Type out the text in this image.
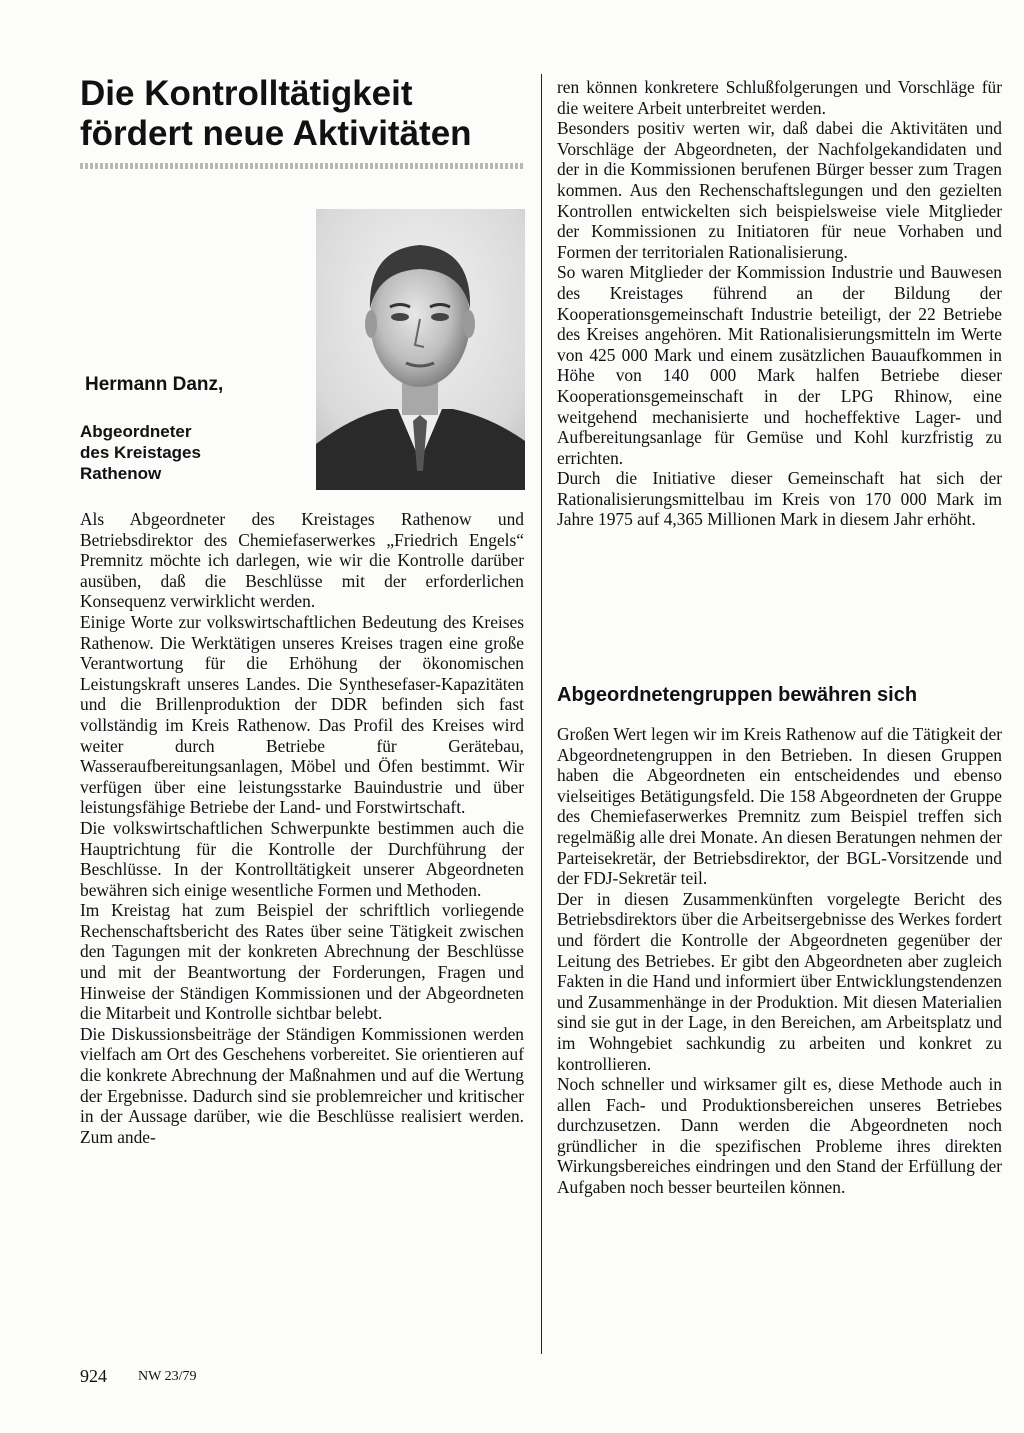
Die Kontrolltätigkeit fördert neue Aktivitäten
Hermann Danz,
Abgeordneter
des Kreistages
Rathenow

Als Abgeordneter des Kreistages Rathenow und Betriebsdirektor des Chemiefaserwerkes „Friedrich Engels“ Premnitz möchte ich darlegen, wie wir die Kontrolle darüber ausüben, daß die Beschlüsse mit der erforderlichen Konsequenz verwirklicht werden.

Einige Worte zur volkswirtschaftlichen Bedeutung des Kreises Rathenow. Die Werktätigen unseres Kreises tragen eine große Verantwortung für die Erhöhung der ökonomischen Leistungskraft unseres Landes. Die Synthesefaser-Kapazitäten und die Brillenproduktion der DDR befinden sich fast vollständig im Kreis Rathenow. Das Profil des Kreises wird weiter durch Betriebe für Gerätebau, Wasseraufbereitungsanlagen, Möbel und Öfen bestimmt. Wir verfügen über eine leistungsstarke Bauindustrie und über leistungsfähige Betriebe der Land- und Forstwirtschaft.

Die volkswirtschaftlichen Schwerpunkte bestimmen auch die Hauptrichtung für die Kontrolle der Durchführung der Beschlüsse. In der Kontrolltätigkeit unserer Abgeordneten bewähren sich einige wesentliche Formen und Methoden.

Im Kreistag hat zum Beispiel der schriftlich vorliegende Rechenschaftsbericht des Rates über seine Tätigkeit zwischen den Tagungen mit der konkreten Abrechnung der Beschlüsse und mit der Beantwortung der Forderungen, Fragen und Hinweise der Ständigen Kommissionen und der Abgeordneten die Mitarbeit und Kontrolle sichtbar belebt.

Die Diskussionsbeiträge der Ständigen Kommissionen werden vielfach am Ort des Geschehens vorbereitet. Sie orientieren auf die konkrete Abrechnung der Maßnahmen und auf die Wertung der Ergebnisse. Dadurch sind sie problemreicher und kritischer in der Aussage darüber, wie die Beschlüsse realisiert werden. Zum ande-

ren können konkretere Schlußfolgerungen und Vorschläge für die weitere Arbeit unterbreitet werden.

Besonders positiv werten wir, daß dabei die Aktivitäten und Vorschläge der Abgeordneten, der Nachfolgekandidaten und der in die Kommissionen berufenen Bürger besser zum Tragen kommen. Aus den Rechenschaftslegungen und den gezielten Kontrollen entwickelten sich beispielsweise viele Mitglieder der Kommissionen zu Initiatoren für neue Vorhaben und Formen der territorialen Rationalisierung.

So waren Mitglieder der Kommission Industrie und Bauwesen des Kreistages führend an der Bildung der Kooperationsgemeinschaft Industrie beteiligt, der 22 Betriebe des Kreises angehören. Mit Rationalisierungsmitteln im Werte von 425 000 Mark und einem zusätzlichen Bauaufkommen in Höhe von 140 000 Mark halfen Betriebe dieser Kooperationsgemeinschaft in der LPG Rhinow, eine weitgehend mechanisierte und hocheffektive Lager- und Aufbereitungsanlage für Gemüse und Kohl kurzfristig zu errichten.

Durch die Initiative dieser Gemeinschaft hat sich der Rationalisierungsmittelbau im Kreis von 170 000 Mark im Jahre 1975 auf 4,365 Millionen Mark in diesem Jahr erhöht.

Abgeordnetengruppen bewähren sich

Großen Wert legen wir im Kreis Rathenow auf die Tätigkeit der Abgeordnetengruppen in den Betrieben. In diesen Gruppen haben die Abgeordneten ein entscheidendes und ebenso vielseitiges Betätigungsfeld. Die 158 Abgeordneten der Gruppe des Chemiefaserwerkes Premnitz zum Beispiel treffen sich regelmäßig alle drei Monate. An diesen Beratungen nehmen der Parteisekretär, der Betriebsdirektor, der BGL-Vorsitzende und der FDJ-Sekretär teil.

Der in diesen Zusammenkünften vorgelegte Bericht des Betriebsdirektors über die Arbeitsergebnisse des Werkes fordert und fördert die Kontrolle der Abgeordneten gegenüber der Leitung des Betriebes. Er gibt den Abgeordneten aber zugleich Fakten in die Hand und informiert über Entwicklungstendenzen und Zusammenhänge in der Produktion. Mit diesen Materialien sind sie gut in der Lage, in den Bereichen, am Arbeitsplatz und im Wohngebiet sachkundig zu arbeiten und konkret zu kontrollieren.

Noch schneller und wirksamer gilt es, diese Methode auch in allen Fach- und Produktionsbereichen unseres Betriebes durchzusetzen. Dann werden die Abgeordneten noch gründlicher in die spezifischen Probleme ihres direkten Wirkungsbereiches eindringen und den Stand der Erfüllung der Aufgaben noch besser beurteilen können.

924 NW 23/79
